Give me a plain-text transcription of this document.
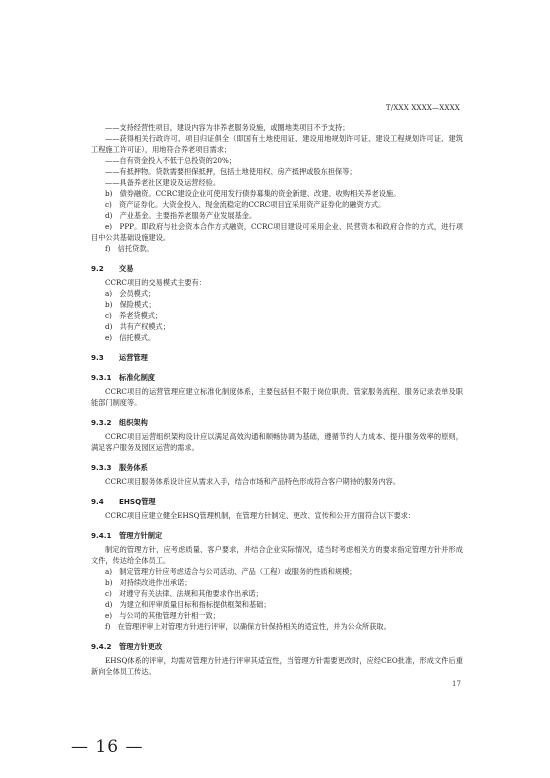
T/XXX XXXX—XXXX

——支持经营性项目，建设内容为非养老服务设施，或圈地类项目不予支持；

——获得相关行政许可、项目归证俱全（即国有土地使用证、建设用地规划许可证、建设工程规划许可证、建筑工程施工许可证），用地符合养老项目需求；

——自有资金投入不低于总投资的20%；

——有抵押物。贷款需要担保抵押，包括土地使用权、房产抵押或股东担保等；

——具备养老社区建设及运营经验。

b)　债券融资。CCRC建设企业可使用发行债券募集的资金新建、改建、收购相关养老设施。

c)　资产证券化。大资金投入、现金流稳定的CCRC项目宜采用资产证券化的融资方式。

d)　产业基金。主要指养老服务产业发展基金。

e)　PPP。即政府与社会资本合作方式融资，CCRC项目建设可采用企业、民营资本和政府合作的方式，进行项目中公共基础设施建设。

f)　信托贷款。

9.2 交易

CCRC项目的交易模式主要有：

a)　会员模式；

b)　保险模式；

c)　养老贷模式；

d)　共有产权模式；

e)　信托模式。

9.3 运营管理
9.3.1 标准化制度

CCRC项目的运营管理应建立标准化制度体系，主要包括但不限于岗位职责、管家服务流程、服务记录表单及职能部门制度等。

9.3.2 组织架构

CCRC项目运营组织架构设计应以满足高效沟通和顺畅协调为基础，遵循节约人力成本、提升服务效率的原则，满足客户服务及园区运营的需求。

9.3.3 服务体系

CCRC项目服务体系设计应从需求入手，结合市场和产品特色形成符合客户期待的服务内容。

9.4 EHSQ管理

CCRC项目应建立健全EHSQ管理机制，在管理方针制定、更改、宣传和公开方面符合以下要求：

9.4.1 管理方针制定

制定的管理方针，应考虑质量、客户要求，并结合企业实际情况，适当时考虑相关方的要求指定管理方针并形成文件，传达给全体员工。

a)　制定管理方针应考虑适合与公司活动、产品（工程）或服务的性质和规模；

b)　对持续改进作出承诺；

c)　对遵守有关法律、法规和其他要求作出承诺；

d)　为建立和评审质量目标和指标提供框架和基础；

e)　与公司的其他管理方针相一致；

f)　在管理评审上对管理方针进行评审，以确保方针保持相关的适宜性，并为公众所获取。

9.4.2 管理方针更改

EHSQ体系的评审，均需对管理方针进行评审其适宜性，当管理方针需要更改时，应经CEO批准，形成文件后重新向全体员工传达。

17
— 16 —
